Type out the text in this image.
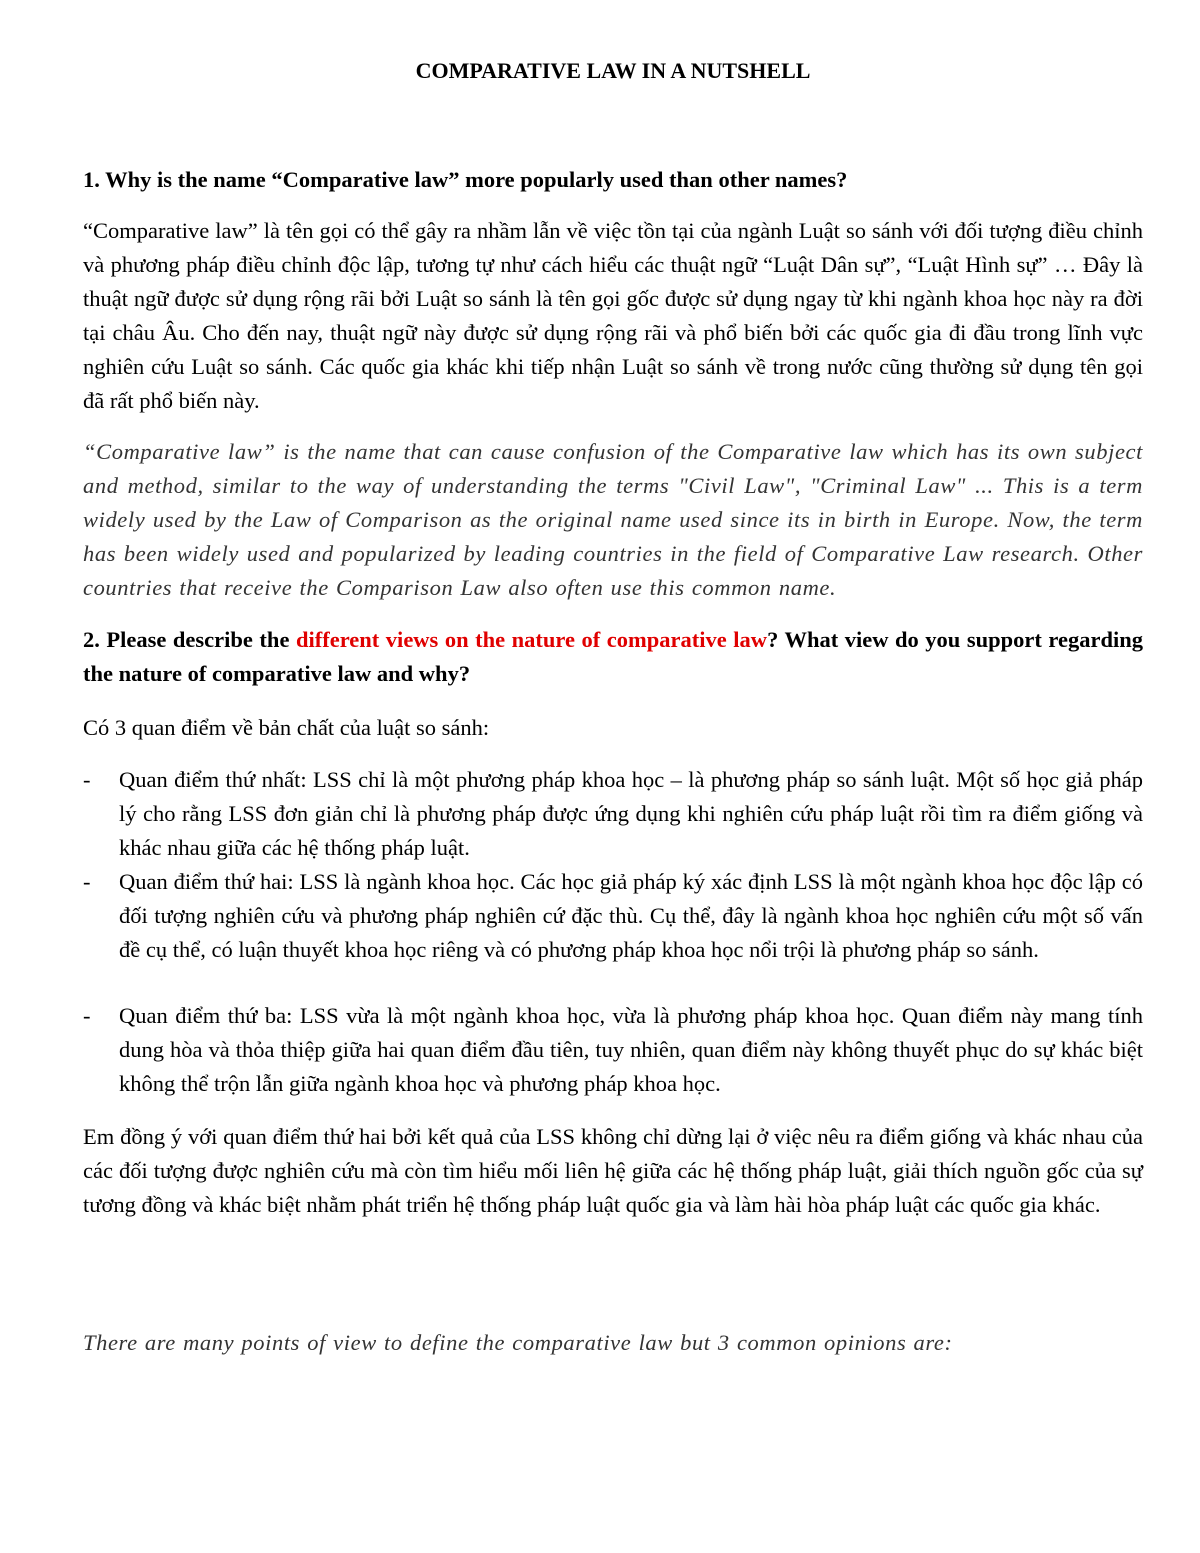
COMPARATIVE LAW IN A NUTSHELL
1. Why is the name “Comparative law” more popularly used than other names?
“Comparative law” là tên gọi có thể gây ra nhầm lẫn về việc tồn tại của ngành Luật so sánh với đối tượng điều chỉnh và phương pháp điều chỉnh độc lập, tương tự như cách hiểu các thuật ngữ “Luật Dân sự”, “Luật Hình sự” … Đây là thuật ngữ được sử dụng rộng rãi bởi Luật so sánh là tên gọi gốc được sử dụng ngay từ khi ngành khoa học này ra đời tại châu Âu. Cho đến nay, thuật ngữ này được sử dụng rộng rãi và phổ biến bởi các quốc gia đi đầu trong lĩnh vực nghiên cứu Luật so sánh. Các quốc gia khác khi tiếp nhận Luật so sánh về trong nước cũng thường sử dụng tên gọi đã rất phổ biến này.
“Comparative law” is the name that can cause confusion of the Comparative law which has its own subject and method, similar to the way of understanding the terms "Civil Law", "Criminal Law" ... This is a term widely used by the Law of Comparison as the original name used since its in birth in Europe. Now, the term has been widely used and popularized by leading countries in the field of Comparative Law research. Other countries that receive the Comparison Law also often use this common name.
2. Please describe the different views on the nature of comparative law? What view do you support regarding the nature of comparative law and why?
Có 3 quan điểm về bản chất của luật so sánh:
- Quan điểm thứ nhất: LSS chỉ là một phương pháp khoa học – là phương pháp so sánh luật. Một số học giả pháp lý cho rằng LSS đơn giản chỉ là phương pháp được ứng dụng khi nghiên cứu pháp luật rồi tìm ra điểm giống và khác nhau giữa các hệ thống pháp luật.
- Quan điểm thứ hai: LSS là ngành khoa học. Các học giả pháp ký xác định LSS là một ngành khoa học độc lập có đối tượng nghiên cứu và phương pháp nghiên cứ đặc thù. Cụ thể, đây là ngành khoa học nghiên cứu một số vấn đề cụ thể, có luận thuyết khoa học riêng và có phương pháp khoa học nổi trội là phương pháp so sánh.
- Quan điểm thứ ba: LSS vừa là một ngành khoa học, vừa là phương pháp khoa học. Quan điểm này mang tính dung hòa và thỏa thiệp giữa hai quan điểm đầu tiên, tuy nhiên, quan điểm này không thuyết phục do sự khác biệt không thể trộn lẫn giữa ngành khoa học và phương pháp khoa học.
Em đồng ý với quan điểm thứ hai bởi kết quả của LSS không chỉ dừng lại ở việc nêu ra điểm giống và khác nhau của các đối tượng được nghiên cứu mà còn tìm hiểu mối liên hệ giữa các hệ thống pháp luật, giải thích nguồn gốc của sự tương đồng và khác biệt nhằm phát triển hệ thống pháp luật quốc gia và làm hài hòa pháp luật các quốc gia khác.
There are many points of view to define the comparative law but 3 common opinions are:
